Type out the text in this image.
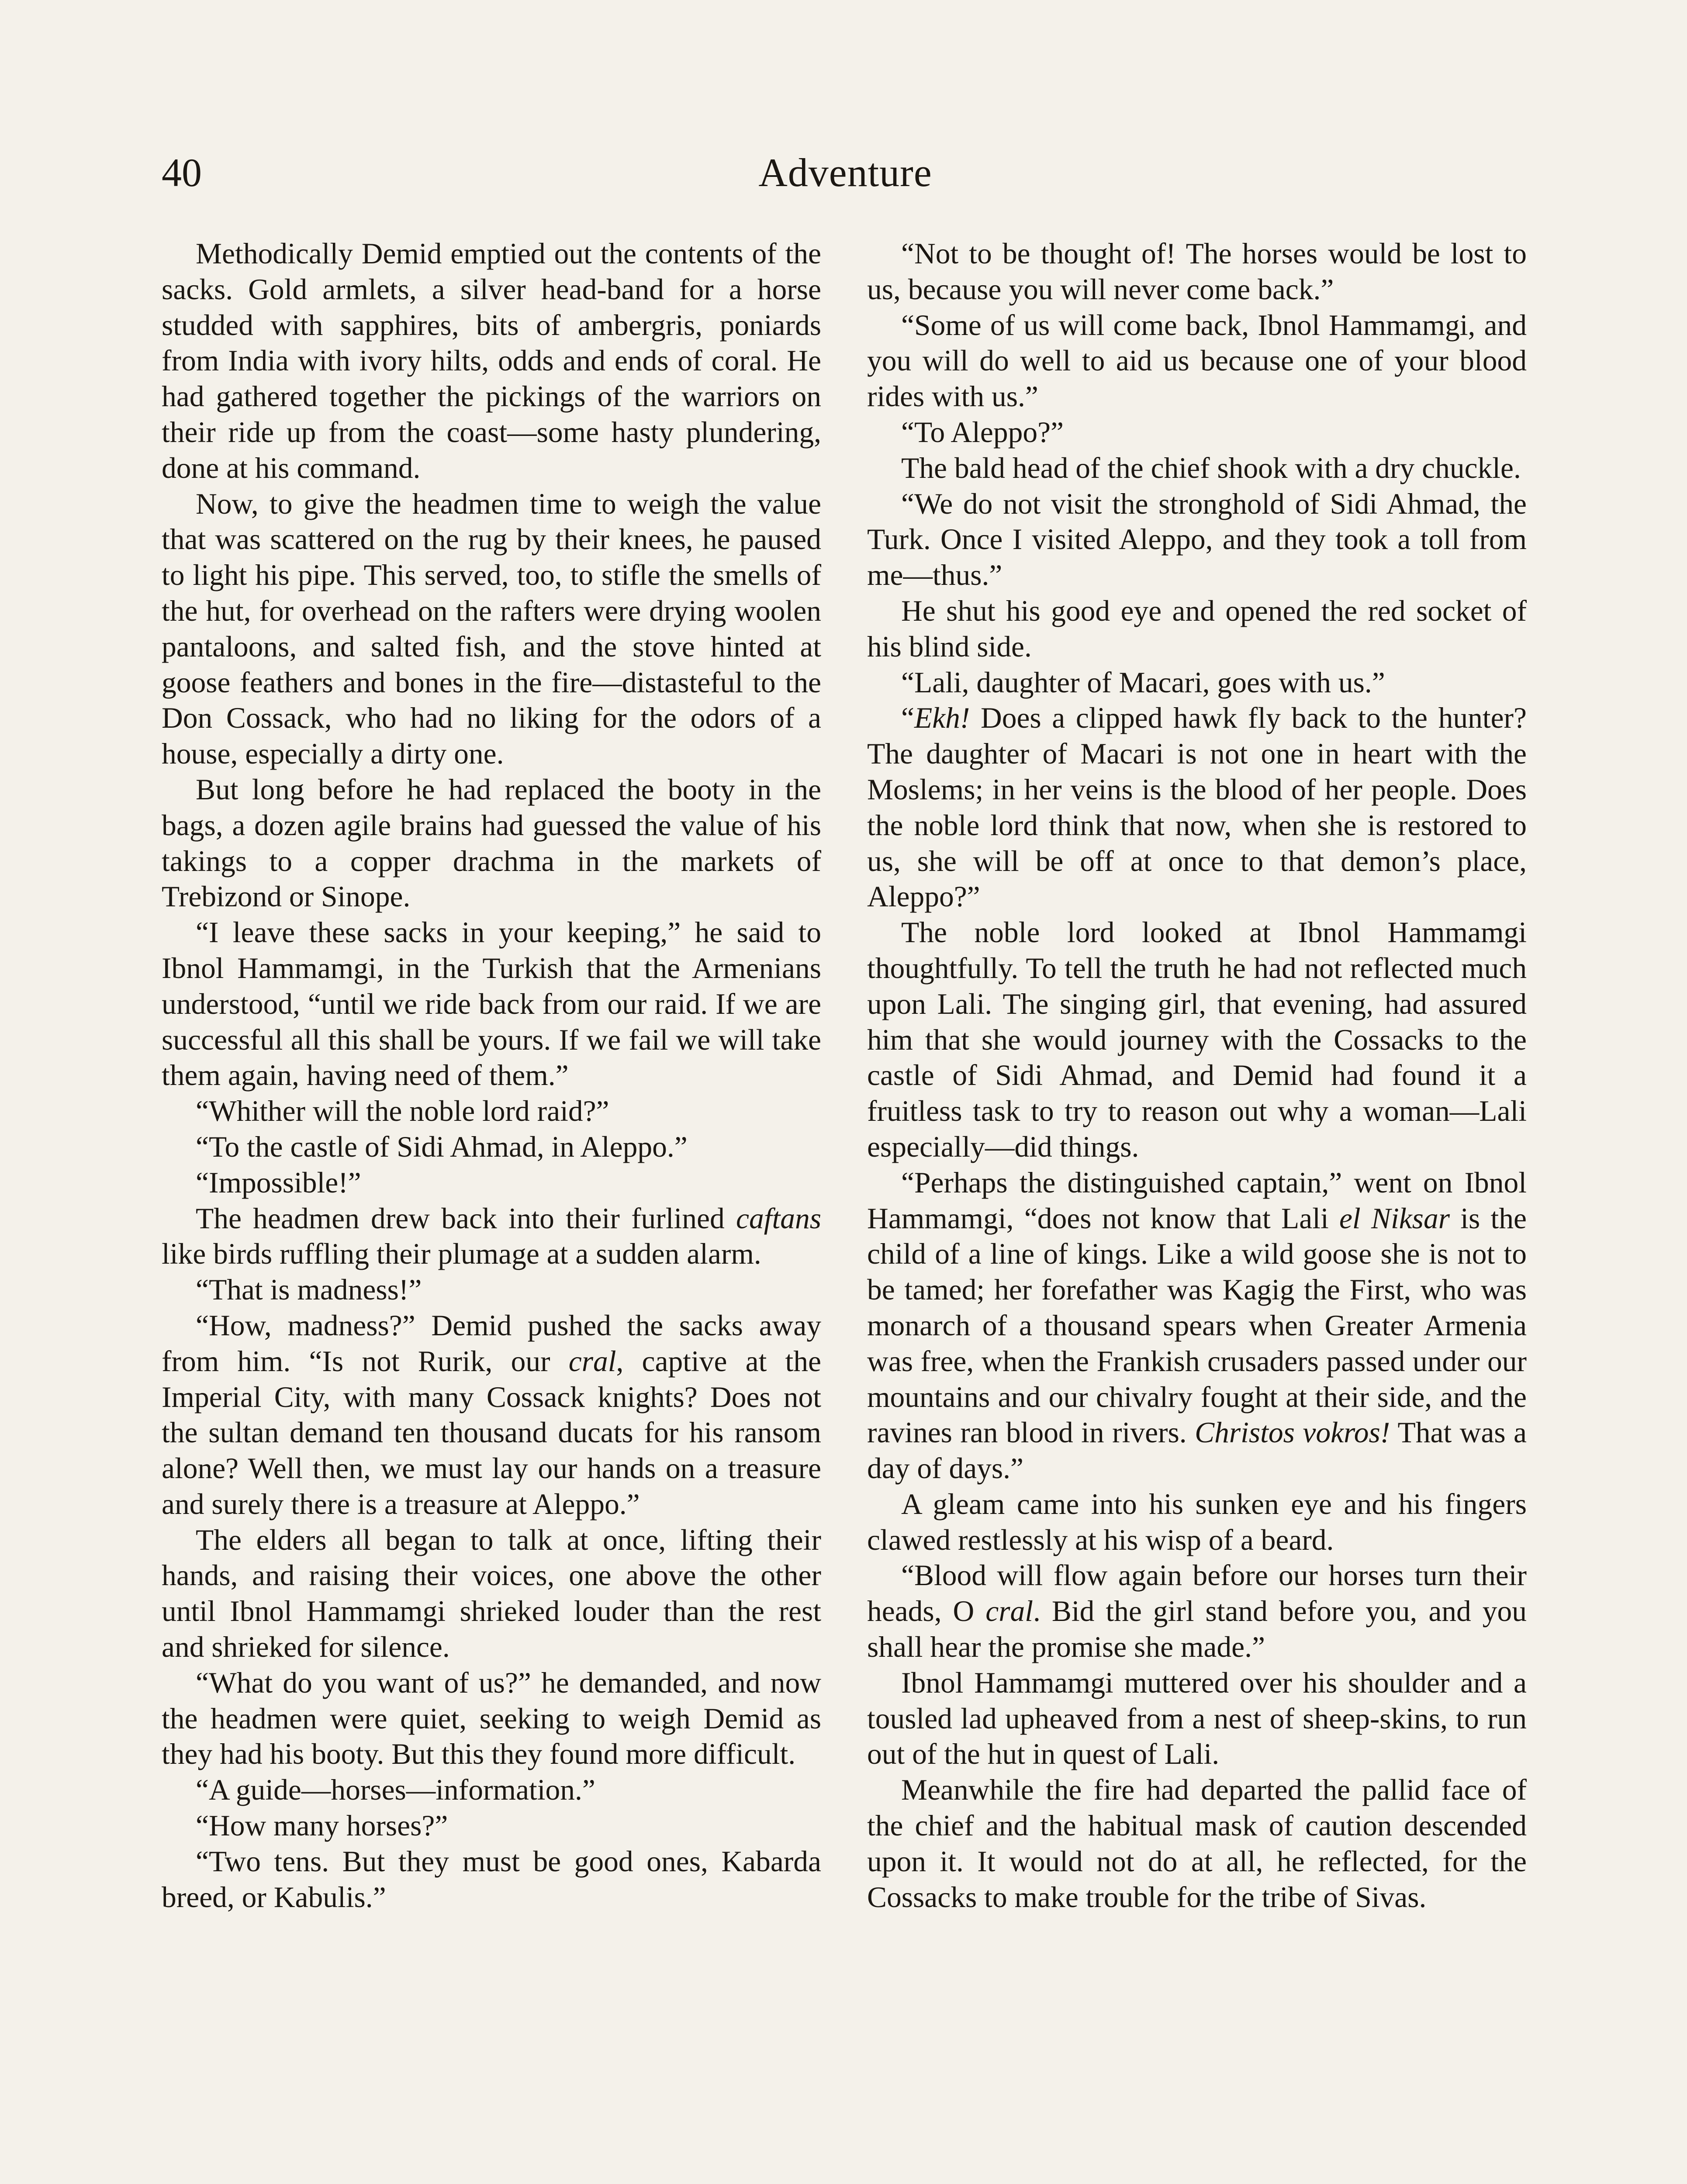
40	Adventure

Methodically Demid emptied out the contents of the sacks. Gold armlets, a silver head-band for a horse studded with sapphires, bits of ambergris, poniards from India with ivory hilts, odds and ends of coral. He had gathered together the pickings of the warriors on their ride up from the coast—some hasty plundering, done at his command.

Now, to give the headmen time to weigh the value that was scattered on the rug by their knees, he paused to light his pipe. This served, too, to stifle the smells of the hut, for overhead on the rafters were drying woolen pantaloons, and salted fish, and the stove hinted at goose feathers and bones in the fire—distasteful to the Don Cossack, who had no liking for the odors of a house, especially a dirty one.

But long before he had replaced the booty in the bags, a dozen agile brains had guessed the value of his takings to a copper drachma in the markets of Trebizond or Sinope.

“I leave these sacks in your keeping,” he said to Ibnol Hammamgi, in the Turkish that the Armenians understood, “until we ride back from our raid. If we are successful all this shall be yours. If we fail we will take them again, having need of them.”

“Whither will the noble lord raid?”

“To the castle of Sidi Ahmad, in Aleppo.”

“Impossible!”

The headmen drew back into their furlined caftans like birds ruffling their plumage at a sudden alarm.

“That is madness!”

“How, madness?” Demid pushed the sacks away from him. “Is not Rurik, our cral, captive at the Imperial City, with many Cossack knights? Does not the sultan demand ten thousand ducats for his ransom alone? Well then, we must lay our hands on a treasure and surely there is a treasure at Aleppo.”

The elders all began to talk at once, lifting their hands, and raising their voices, one above the other until Ibnol Hammamgi shrieked louder than the rest and shrieked for silence.

“What do you want of us?” he demanded, and now the headmen were quiet, seeking to weigh Demid as they had his booty. But this they found more difficult.

“A guide—horses—information.”

“How many horses?”

“Two tens. But they must be good ones, Kabarda breed, or Kabulis.”

“Not to be thought of! The horses would be lost to us, because you will never come back.”

“Some of us will come back, Ibnol Hammamgi, and you will do well to aid us because one of your blood rides with us.”

“To Aleppo?”

The bald head of the chief shook with a dry chuckle.

“We do not visit the stronghold of Sidi Ahmad, the Turk. Once I visited Aleppo, and they took a toll from me—thus.”

He shut his good eye and opened the red socket of his blind side.

“Lali, daughter of Macari, goes with us.”

“Ekh! Does a clipped hawk fly back to the hunter? The daughter of Macari is not one in heart with the Moslems; in her veins is the blood of her people. Does the noble lord think that now, when she is restored to us, she will be off at once to that demon’s place, Aleppo?”

The noble lord looked at Ibnol Hammamgi thoughtfully. To tell the truth he had not reflected much upon Lali. The singing girl, that evening, had assured him that she would journey with the Cossacks to the castle of Sidi Ahmad, and Demid had found it a fruitless task to try to reason out why a woman—Lali especially—did things.

“Perhaps the distinguished captain,” went on Ibnol Hammamgi, “does not know that Lali el Niksar is the child of a line of kings. Like a wild goose she is not to be tamed; her forefather was Kagig the First, who was monarch of a thousand spears when Greater Armenia was free, when the Frankish crusaders passed under our mountains and our chivalry fought at their side, and the ravines ran blood in rivers. Christos vokros! That was a day of days.”

A gleam came into his sunken eye and his fingers clawed restlessly at his wisp of a beard.

“Blood will flow again before our horses turn their heads, O cral. Bid the girl stand before you, and you shall hear the promise she made.”

Ibnol Hammamgi muttered over his shoulder and a tousled lad upheaved from a nest of sheep-skins, to run out of the hut in quest of Lali.

Meanwhile the fire had departed the pallid face of the chief and the habitual mask of caution descended upon it. It would not do at all, he reflected, for the Cossacks to make trouble for the tribe of Sivas.
